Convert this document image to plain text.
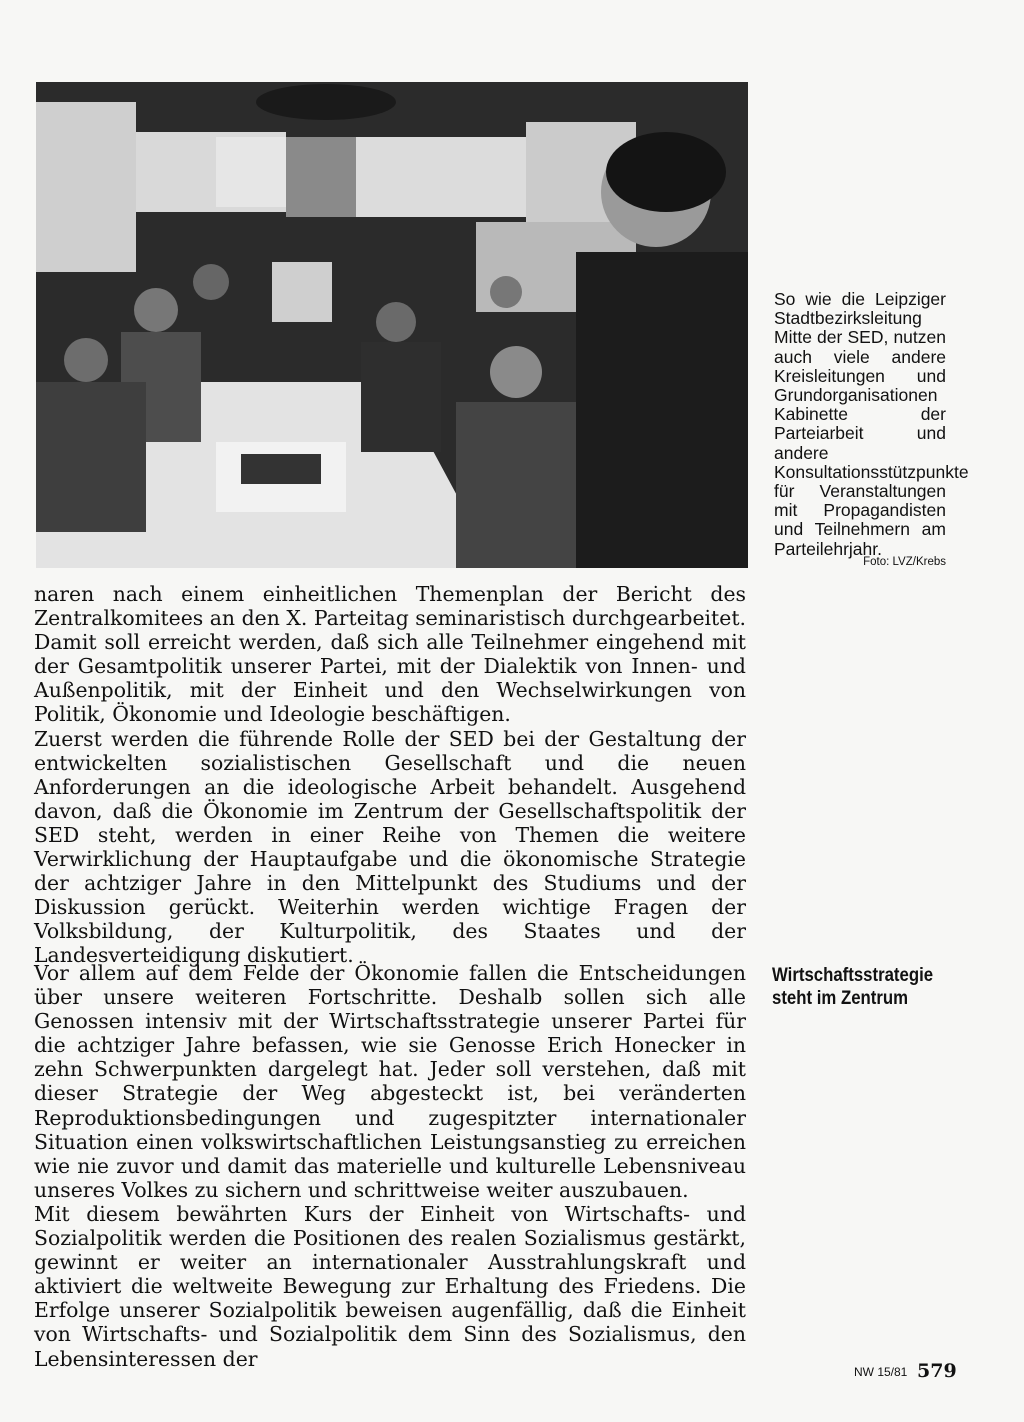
So wie die Leipziger Stadtbezirksleitung Mitte der SED, nutzen auch viele andere Kreisleitungen und Grundorganisationen Kabinette der Parteiarbeit und andere Konsultationsstützpunkte für Veranstaltungen mit Propagandisten und Teilnehmern am Parteilehrjahr.
Foto: LVZ/Krebs

naren nach einem einheitlichen Themenplan der Bericht des Zentralkomitees an den X. Parteitag seminaristisch durchgearbeitet. Damit soll erreicht werden, daß sich alle Teilnehmer eingehend mit der Gesamtpolitik unserer Partei, mit der Dialektik von Innen- und Außenpolitik, mit der Einheit und den Wechselwirkungen von Politik, Ökonomie und Ideologie beschäftigen.

Zuerst werden die führende Rolle der SED bei der Gestaltung der entwickelten sozialistischen Gesellschaft und die neuen Anforderungen an die ideologische Arbeit behandelt. Ausgehend davon, daß die Ökonomie im Zentrum der Gesellschaftspolitik der SED steht, werden in einer Reihe von Themen die weitere Verwirklichung der Hauptaufgabe und die ökonomische Strategie der achtziger Jahre in den Mittelpunkt des Studiums und der Diskussion gerückt. Weiterhin werden wichtige Fragen der Volksbildung, der Kulturpolitik, des Staates und der Landesverteidigung diskutiert.

Wirtschaftsstrategie steht im Zentrum

Vor allem auf dem Felde der Ökonomie fallen die Entscheidungen über unsere weiteren Fortschritte. Deshalb sollen sich alle Genossen intensiv mit der Wirtschaftsstrategie unserer Partei für die achtziger Jahre befassen, wie sie Genosse Erich Honecker in zehn Schwerpunkten dargelegt hat. Jeder soll verstehen, daß mit dieser Strategie der Weg abgesteckt ist, bei veränderten Reproduktionsbedingungen und zugespitzter internationaler Situation einen volkswirtschaftlichen Leistungsanstieg zu erreichen wie nie zuvor und damit das materielle und kulturelle Lebensniveau unseres Volkes zu sichern und schrittweise weiter auszubauen.

Mit diesem bewährten Kurs der Einheit von Wirtschafts- und Sozialpolitik werden die Positionen des realen Sozialismus gestärkt, gewinnt er weiter an internationaler Ausstrahlungskraft und aktiviert die weltweite Bewegung zur Erhaltung des Friedens. Die Erfolge unserer Sozialpolitik beweisen augenfällig, daß die Einheit von Wirtschafts- und Sozialpolitik dem Sinn des Sozialismus, den Lebensinteressen der

NW 15/81 579
